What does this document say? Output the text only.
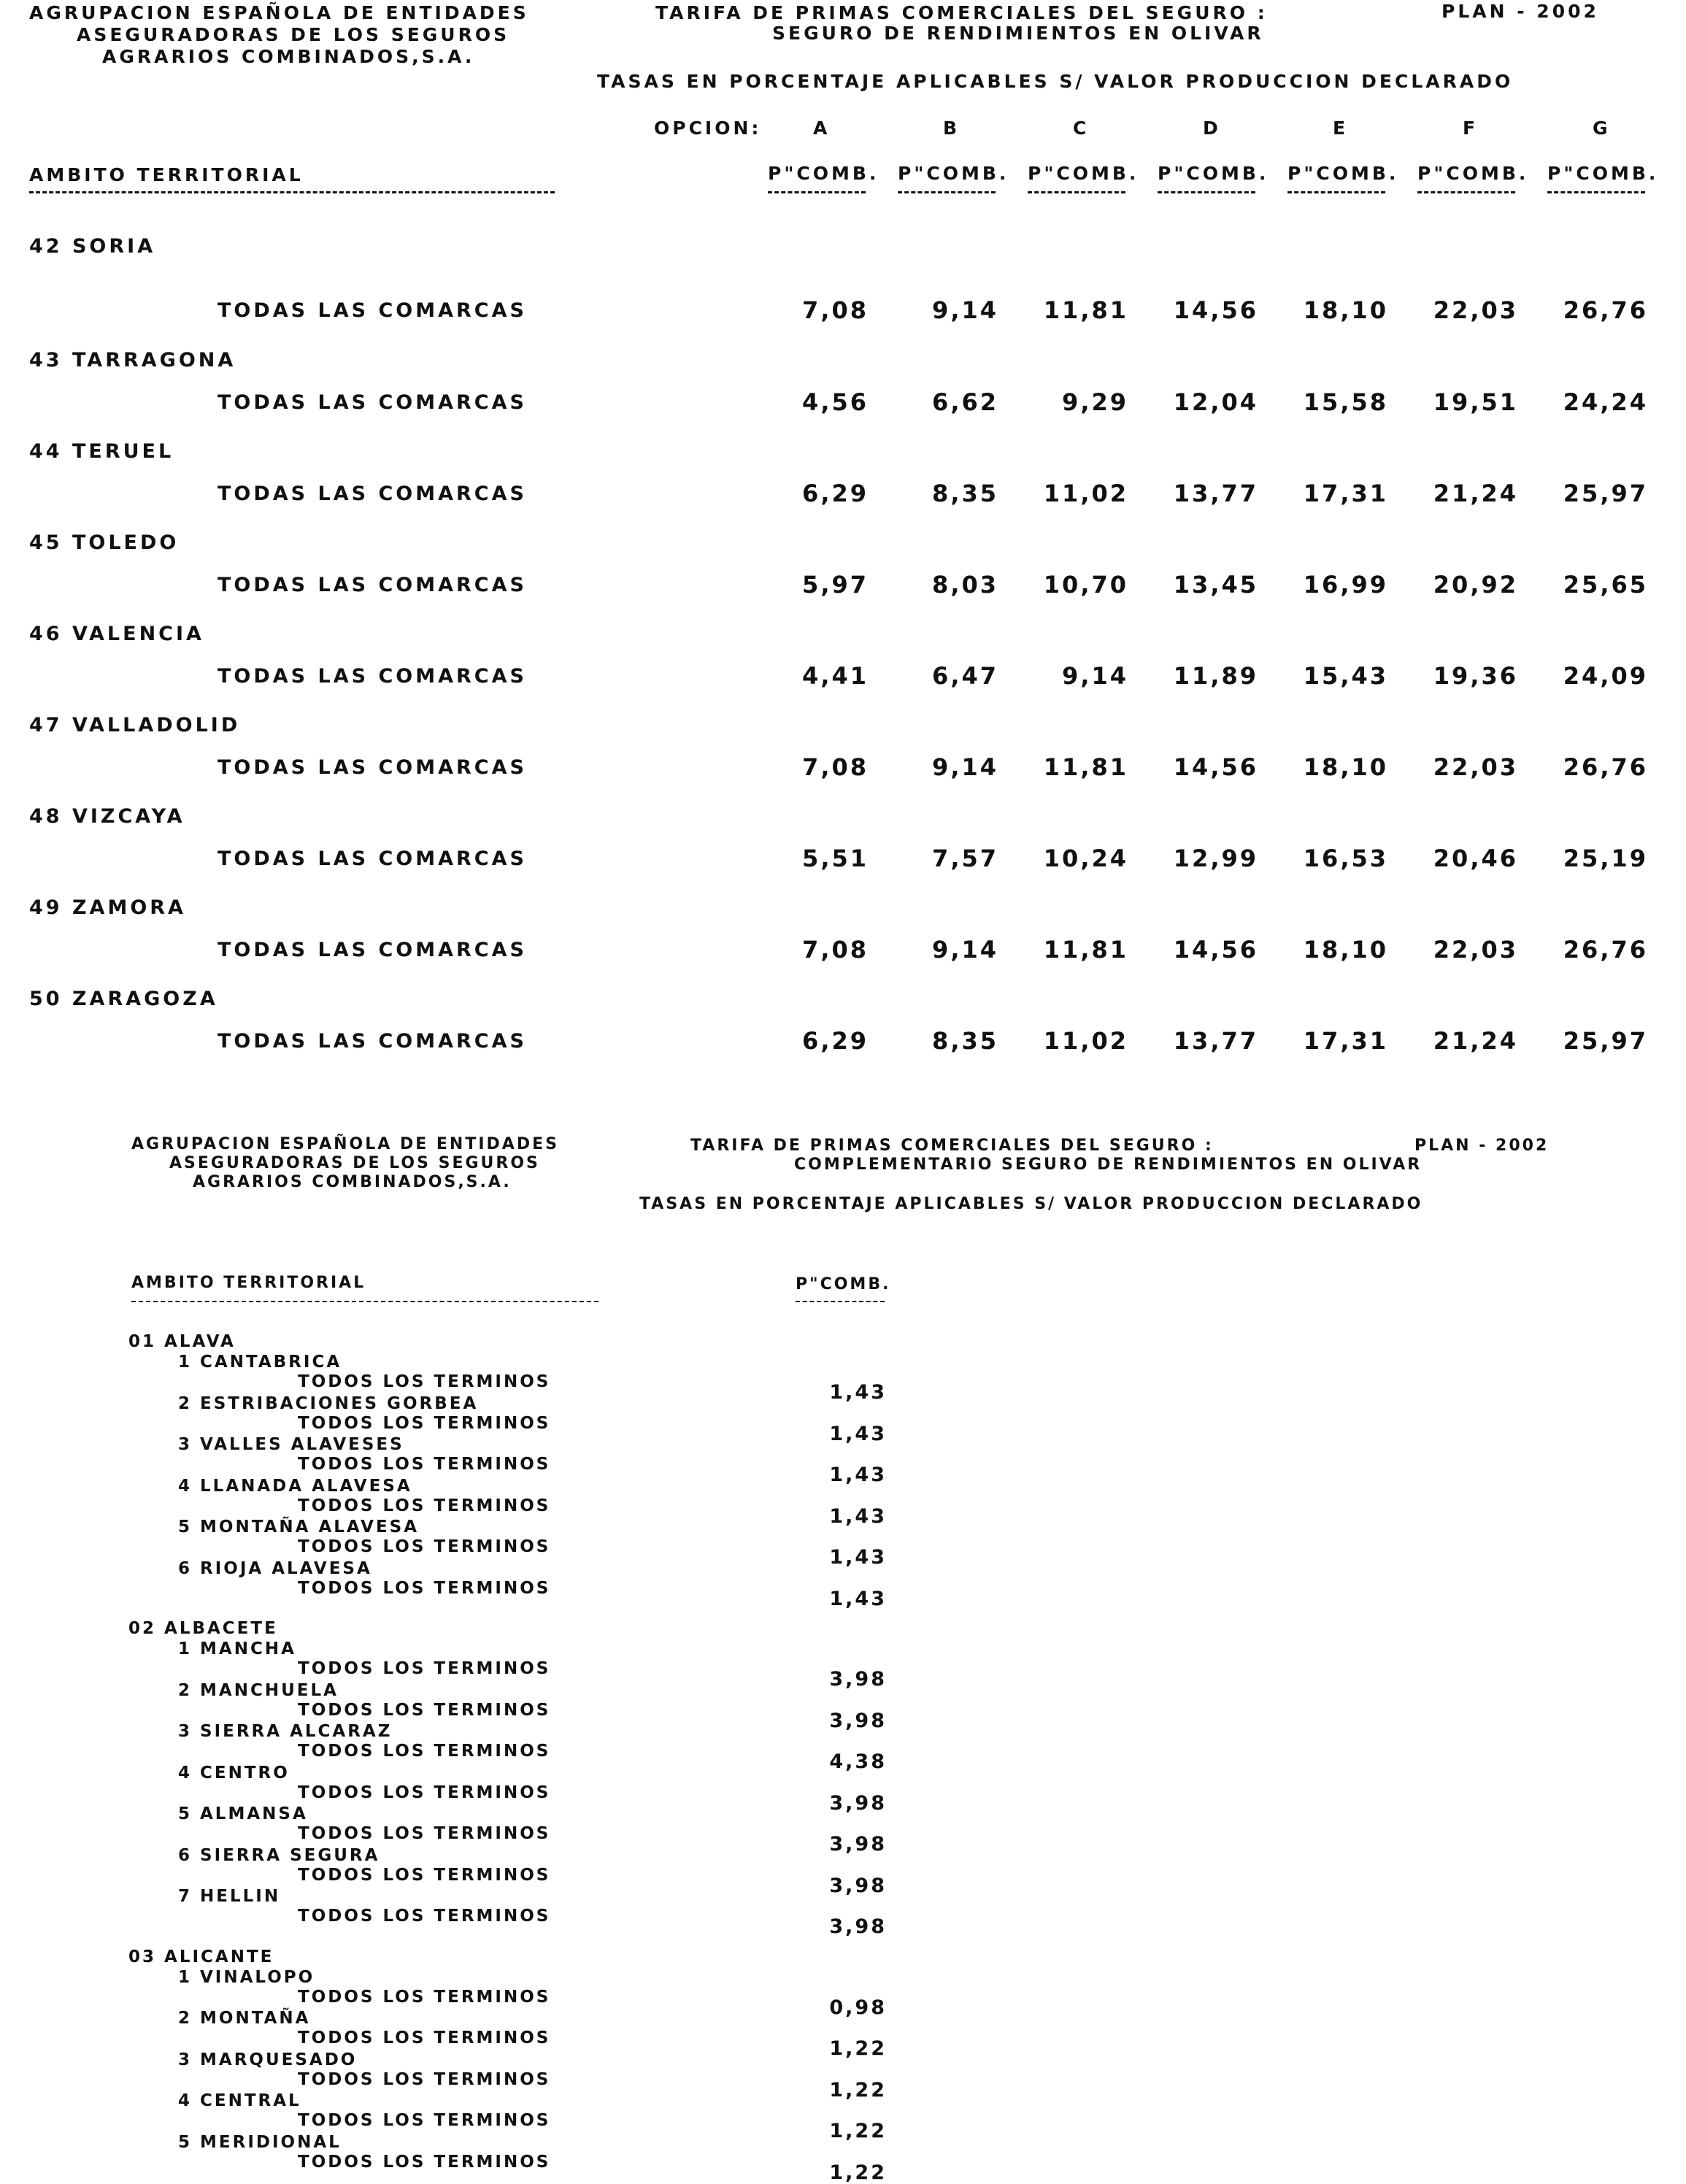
AGRUPACION ESPAÑOLA DE ENTIDADES
ASEGURADORAS DE LOS SEGUROS
AGRARIOS COMBINADOS,S.A.
TARIFA DE PRIMAS COMERCIALES DEL SEGURO :
SEGURO DE RENDIMIENTOS EN OLIVAR
PLAN - 2002
TASAS EN PORCENTAJE APLICABLES S/ VALOR PRODUCCION DECLARADO
OPCION:	A	B	C	D	E	F	G
AMBITO TERRITORIAL	P"COMB. P"COMB. P"COMB. P"COMB. P"COMB. P"COMB. P"COMB.
42 SORIA
TODAS LAS COMARCAS	7,08	9,14	11,81	14,56	18,10	22,03	26,76
43 TARRAGONA
TODAS LAS COMARCAS	4,56	6,62	9,29	12,04	15,58	19,51	24,24
44 TERUEL
TODAS LAS COMARCAS	6,29	8,35	11,02	13,77	17,31	21,24	25,97
45 TOLEDO
TODAS LAS COMARCAS	5,97	8,03	10,70	13,45	16,99	20,92	25,65
46 VALENCIA
TODAS LAS COMARCAS	4,41	6,47	9,14	11,89	15,43	19,36	24,09
47 VALLADOLID
TODAS LAS COMARCAS	7,08	9,14	11,81	14,56	18,10	22,03	26,76
48 VIZCAYA
TODAS LAS COMARCAS	5,51	7,57	10,24	12,99	16,53	20,46	25,19
49 ZAMORA
TODAS LAS COMARCAS	7,08	9,14	11,81	14,56	18,10	22,03	26,76
50 ZARAGOZA
TODAS LAS COMARCAS	6,29	8,35	11,02	13,77	17,31	21,24	25,97
AGRUPACION ESPAÑOLA DE ENTIDADES
ASEGURADORAS DE LOS SEGUROS
AGRARIOS COMBINADOS,S.A.
TARIFA DE PRIMAS COMERCIALES DEL SEGURO :
COMPLEMENTARIO SEGURO DE RENDIMIENTOS EN OLIVAR
PLAN - 2002
TASAS EN PORCENTAJE APLICABLES S/ VALOR PRODUCCION DECLARADO
AMBITO TERRITORIAL	P"COMB.
01 ALAVA
1 CANTABRICA
TODOS LOS TERMINOS	1,43
2 ESTRIBACIONES GORBEA
TODOS LOS TERMINOS	1,43
3 VALLES ALAVESES
TODOS LOS TERMINOS	1,43
4 LLANADA ALAVESA
TODOS LOS TERMINOS	1,43
5 MONTAÑA ALAVESA
TODOS LOS TERMINOS	1,43
6 RIOJA ALAVESA
TODOS LOS TERMINOS	1,43
02 ALBACETE
1 MANCHA
TODOS LOS TERMINOS	3,98
2 MANCHUELA
TODOS LOS TERMINOS	3,98
3 SIERRA ALCARAZ
TODOS LOS TERMINOS	4,38
4 CENTRO
TODOS LOS TERMINOS	3,98
5 ALMANSA
TODOS LOS TERMINOS	3,98
6 SIERRA SEGURA
TODOS LOS TERMINOS	3,98
7 HELLIN
TODOS LOS TERMINOS	3,98
03 ALICANTE
1 VINALOPO
TODOS LOS TERMINOS	0,98
2 MONTAÑA
TODOS LOS TERMINOS	1,22
3 MARQUESADO
TODOS LOS TERMINOS	1,22
4 CENTRAL
TODOS LOS TERMINOS	1,22
5 MERIDIONAL
TODOS LOS TERMINOS	1,22
